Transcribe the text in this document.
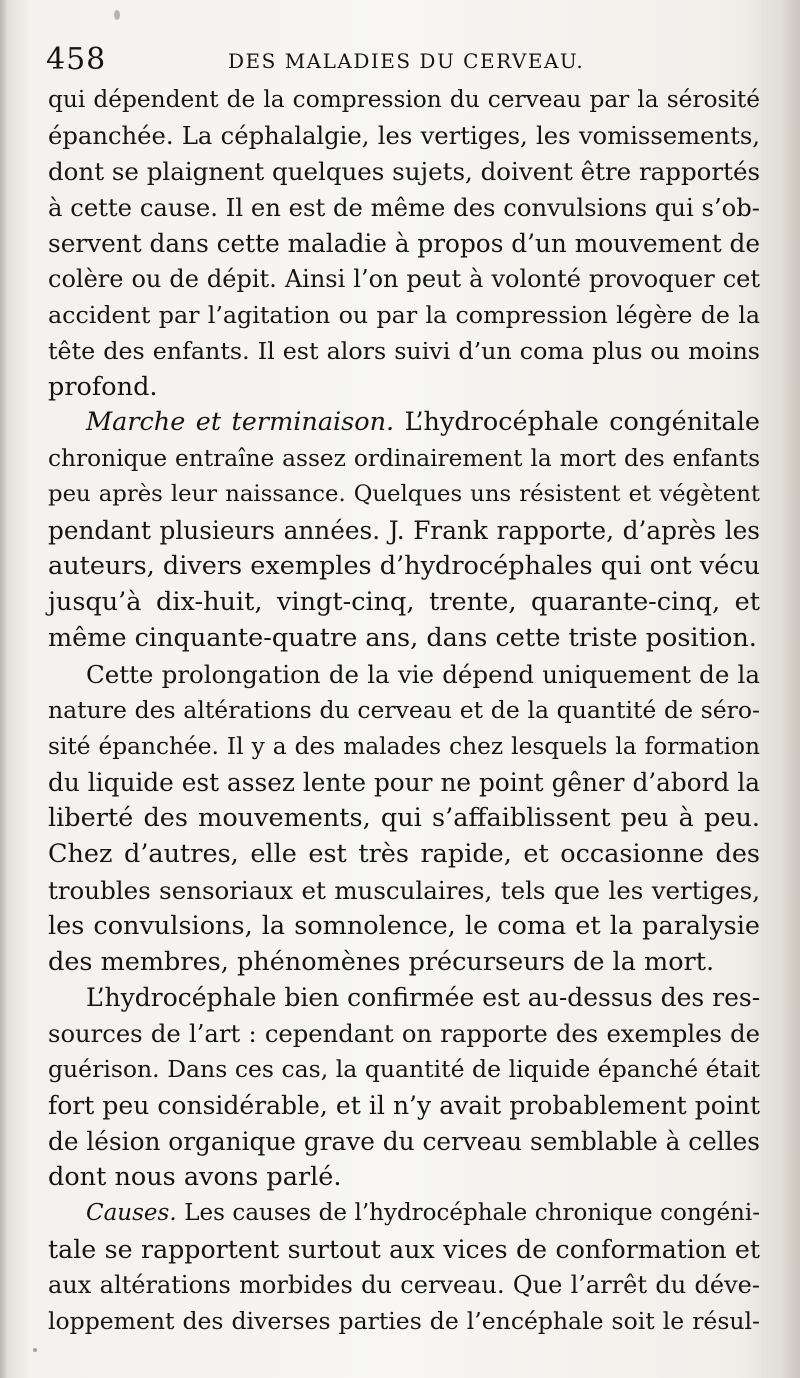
458	DES MALADIES DU CERVEAU.
qui dépendent de la compression du cerveau par la sérosité
épanchée. La céphalalgie, les vertiges, les vomissements,
dont se plaignent quelques sujets, doivent être rapportés
à cette cause. Il en est de même des convulsions qui s’ob-
servent dans cette maladie à propos d’un mouvement de
colère ou de dépit. Ainsi l’on peut à volonté provoquer cet
accident par l’agitation ou par la compression légère de la
tête des enfants. Il est alors suivi d’un coma plus ou moins
profond.
Marche et terminaison. L’hydrocéphale congénitale
chronique entraîne assez ordinairement la mort des enfants
peu après leur naissance. Quelques uns résistent et végètent
pendant plusieurs années. J. Frank rapporte, d’après les
auteurs, divers exemples d’hydrocéphales qui ont vécu
jusqu’à dix-huit, vingt-cinq, trente, quarante-cinq, et
même cinquante-quatre ans, dans cette triste position.
Cette prolongation de la vie dépend uniquement de la
nature des altérations du cerveau et de la quantité de séro-
sité épanchée. Il y a des malades chez lesquels la formation
du liquide est assez lente pour ne point gêner d’abord la
liberté des mouvements, qui s’affaiblissent peu à peu.
Chez d’autres, elle est très rapide, et occasionne des
troubles sensoriaux et musculaires, tels que les vertiges,
les convulsions, la somnolence, le coma et la paralysie
des membres, phénomènes précurseurs de la mort.
L’hydrocéphale bien confirmée est au-dessus des res-
sources de l’art : cependant on rapporte des exemples de
guérison. Dans ces cas, la quantité de liquide épanché était
fort peu considérable, et il n’y avait probablement point
de lésion organique grave du cerveau semblable à celles
dont nous avons parlé.
Causes. Les causes de l’hydrocéphale chronique congéni-
tale se rapportent surtout aux vices de conformation et
aux altérations morbides du cerveau. Que l’arrêt du déve-
loppement des diverses parties de l’encéphale soit le résul-
